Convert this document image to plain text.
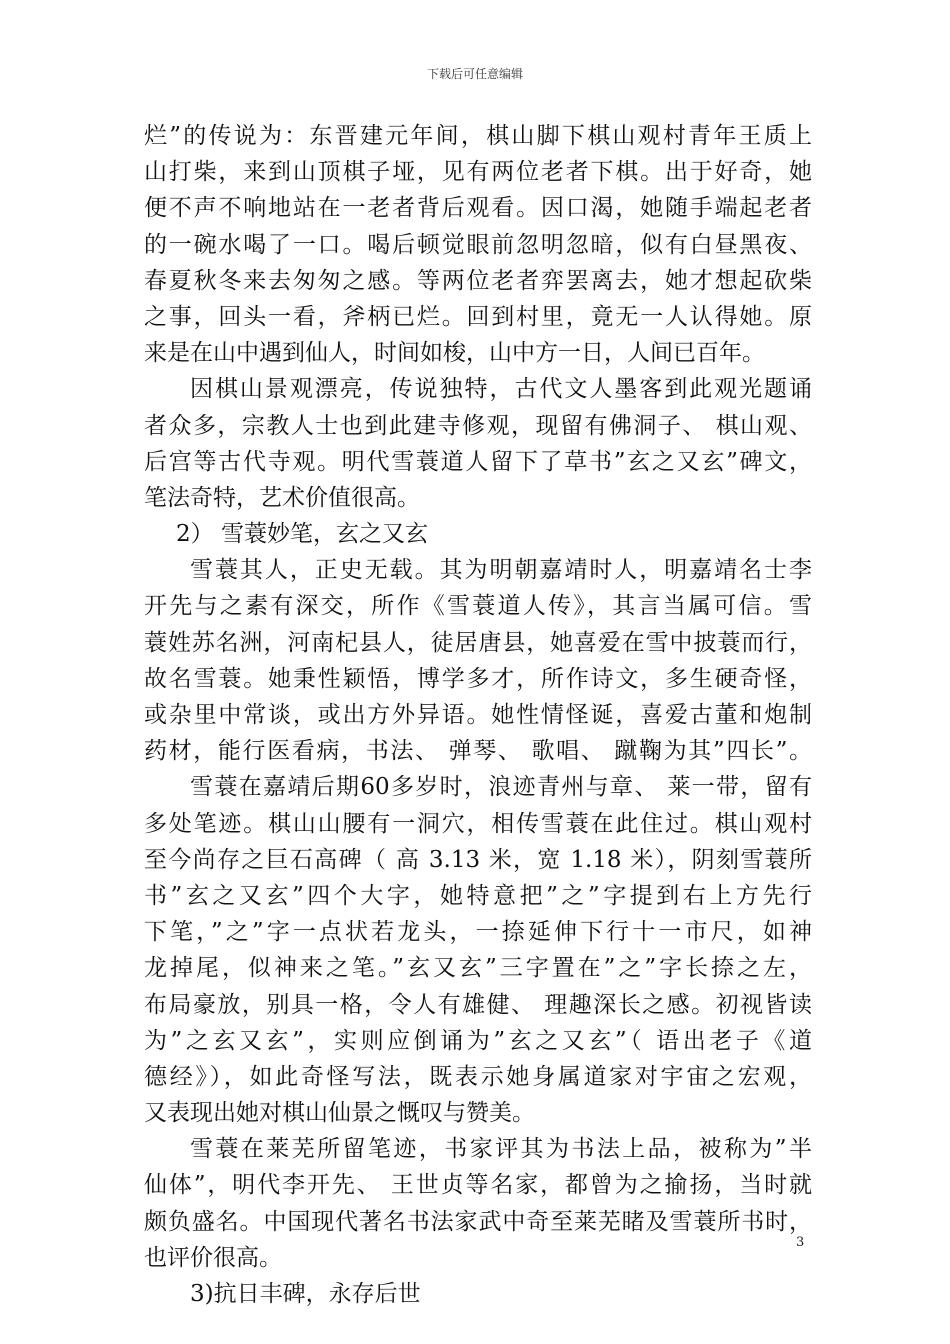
下载后可任意编辑
烂”的传说为：东晋建元年间，棋山脚下棋山观村青年王质上
山打柴，来到山顶棋子垭，见有两位老者下棋。出于好奇，她
便不声不响地站在一老者背后观看。因口渴，她随手端起老者
的一碗水喝了一口。喝后顿觉眼前忽明忽暗，似有白昼黑夜、
春夏秋冬来去匆匆之感。等两位老者弈罢离去，她才想起砍柴
之事，回头一看，斧柄已烂。回到村里，竟无一人认得她。原
来是在山中遇到仙人，时间如梭，山中方一日，人间已百年。
因棋山景观漂亮，传说独特，古代文人墨客到此观光题诵
者众多，宗教人士也到此建寺修观，现留有佛洞子、 棋山观、
后宫等古代寺观。明代雪蓑道人留下了草书”玄之又玄”碑文，
笔法奇特，艺术价值很高。
2） 雪蓑妙笔，玄之又玄
雪蓑其人，正史无载。其为明朝嘉靖时人，明嘉靖名士李
开先与之素有深交，所作《雪蓑道人传》，其言当属可信。雪
蓑姓苏名洲，河南杞县人，徒居唐县，她喜爱在雪中披蓑而行，
故名雪蓑。她秉性颖悟，博学多才，所作诗文，多生硬奇怪，
或杂里中常谈，或出方外异语。她性情怪诞，喜爱古董和炮制
药材，能行医看病，书法、 弹琴、 歌唱、 蹴鞠为其”四长”。
雪蓑在嘉靖后期60多岁时，浪迹青州与章、 莱一带，留有
多处笔迹。棋山山腰有一洞穴，相传雪蓑在此住过。棋山观村
至今尚存之巨石高碑（ 高 3.13 米，宽 1.18 米），阴刻雪蓑所
书”玄之又玄”四个大字，她特意把”之”字提到右上方先行
下笔，”之”字一点状若龙头，一捺延伸下行十一市尺，如神
龙掉尾，似神来之笔。”玄又玄”三字置在”之”字长捺之左，
布局豪放，别具一格，令人有雄健、 理趣深长之感。初视皆读
为”之玄又玄”，实则应倒诵为”玄之又玄”（ 语出老子《道
德经》），如此奇怪写法，既表示她身属道家对宇宙之宏观，
又表现出她对棋山仙景之慨叹与赞美。
雪蓑在莱芜所留笔迹，书家评其为书法上品，被称为”半
仙体”，明代李开先、 王世贞等名家，都曾为之揄扬，当时就
颇负盛名。中国现代著名书法家武中奇至莱芜睹及雪蓑所书时，
也评价很高。
3)抗日丰碑，永存后世
3
